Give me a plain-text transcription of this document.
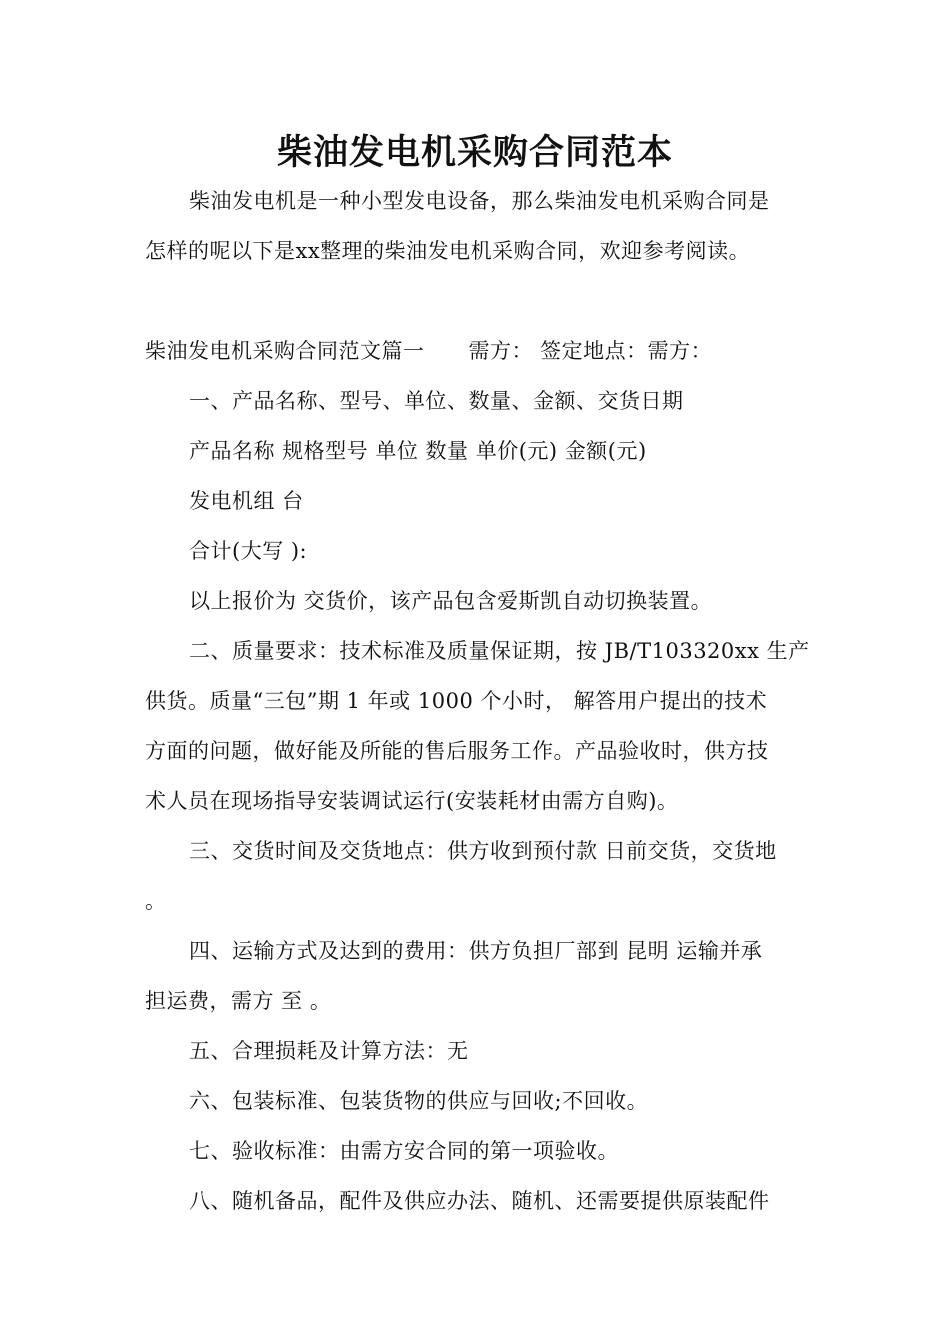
柴油发电机采购合同范本

柴油发电机是一种小型发电设备，那么柴油发电机采购合同是

怎样的呢以下是xx整理的柴油发电机采购合同，欢迎参考阅读。

柴油发电机采购合同范文篇一 需方： 签定地点：需方：

一、产品名称、型号、单位、数量、金额、交货日期

产品名称 规格型号 单位 数量 单价(元) 金额(元)

发电机组 台

合计(大写 ):

以上报价为 交货价，该产品包含爱斯凯自动切换装置。

二、质量要求：技术标准及质量保证期，按 JB/T103320xx 生产

供货。质量“三包”期 1 年或 1000 个小时， 解答用户提出的技术

方面的问题，做好能及所能的售后服务工作。产品验收时，供方技

术人员在现场指导安装调试运行(安装耗材由需方自购)。

三、交货时间及交货地点：供方收到预付款 日前交货，交货地

。

四、运输方式及达到的费用：供方负担厂部到 昆明 运输并承

担运费，需方 至 。

五、合理损耗及计算方法：无

六、包装标准、包装货物的供应与回收;不回收。

七、验收标准：由需方安合同的第一项验收。

八、随机备品，配件及供应办法、随机、还需要提供原装配件
